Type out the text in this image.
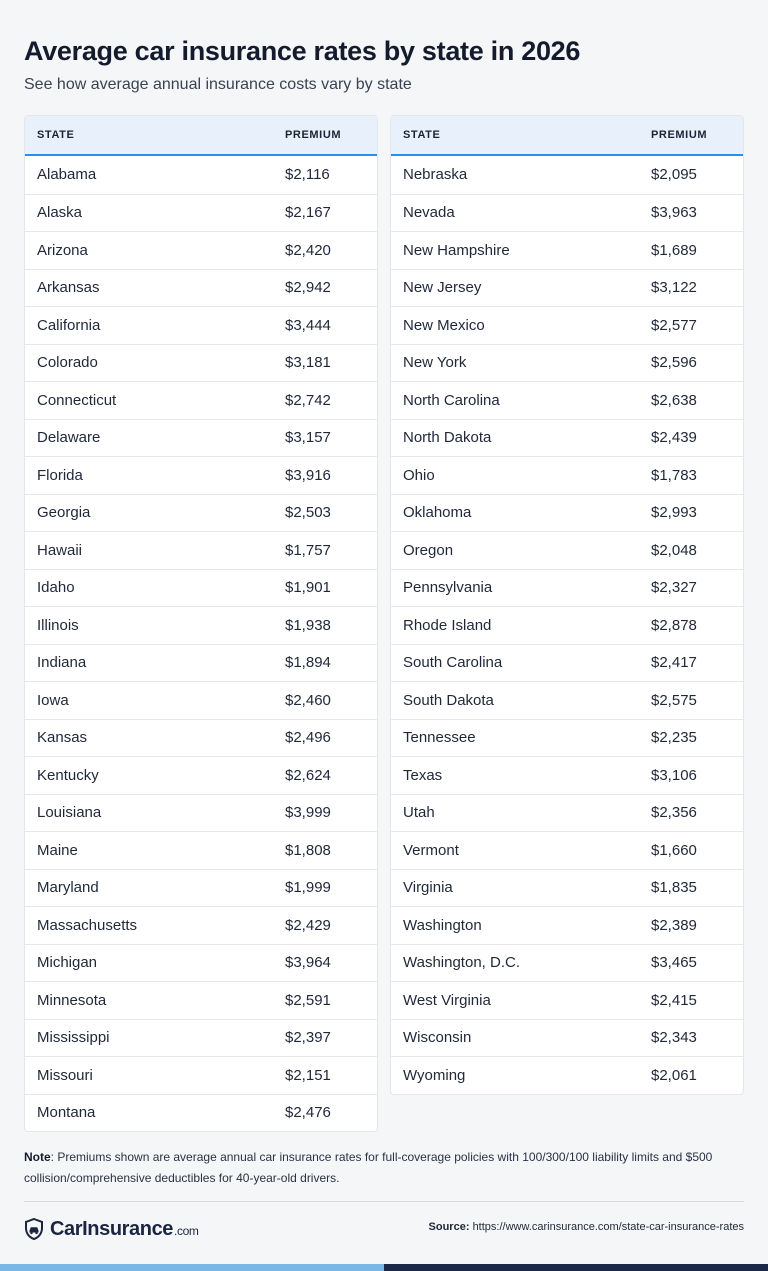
Average car insurance rates by state in 2026
See how average annual insurance costs vary by state
STATE	PREMIUM
Alabama	$2,116
Alaska	$2,167
Arizona	$2,420
Arkansas	$2,942
California	$3,444
Colorado	$3,181
Connecticut	$2,742
Delaware	$3,157
Florida	$3,916
Georgia	$2,503
Hawaii	$1,757
Idaho	$1,901
Illinois	$1,938
Indiana	$1,894
Iowa	$2,460
Kansas	$2,496
Kentucky	$2,624
Louisiana	$3,999
Maine	$1,808
Maryland	$1,999
Massachusetts	$2,429
Michigan	$3,964
Minnesota	$2,591
Mississippi	$2,397
Missouri	$2,151
Montana	$2,476
STATE	PREMIUM
Nebraska	$2,095
Nevada	$3,963
New Hampshire	$1,689
New Jersey	$3,122
New Mexico	$2,577
New York	$2,596
North Carolina	$2,638
North Dakota	$2,439
Ohio	$1,783
Oklahoma	$2,993
Oregon	$2,048
Pennsylvania	$2,327
Rhode Island	$2,878
South Carolina	$2,417
South Dakota	$2,575
Tennessee	$2,235
Texas	$3,106
Utah	$2,356
Vermont	$1,660
Virginia	$1,835
Washington	$2,389
Washington, D.C.	$3,465
West Virginia	$2,415
Wisconsin	$2,343
Wyoming	$2,061

Note: Premiums shown are average annual car insurance rates for full-coverage policies with 100/300/100 liability limits and $500 collision/comprehensive deductibles for 40-year-old drivers.

CarInsurance.com	Source: https://www.carinsurance.com/state-car-insurance-rates
